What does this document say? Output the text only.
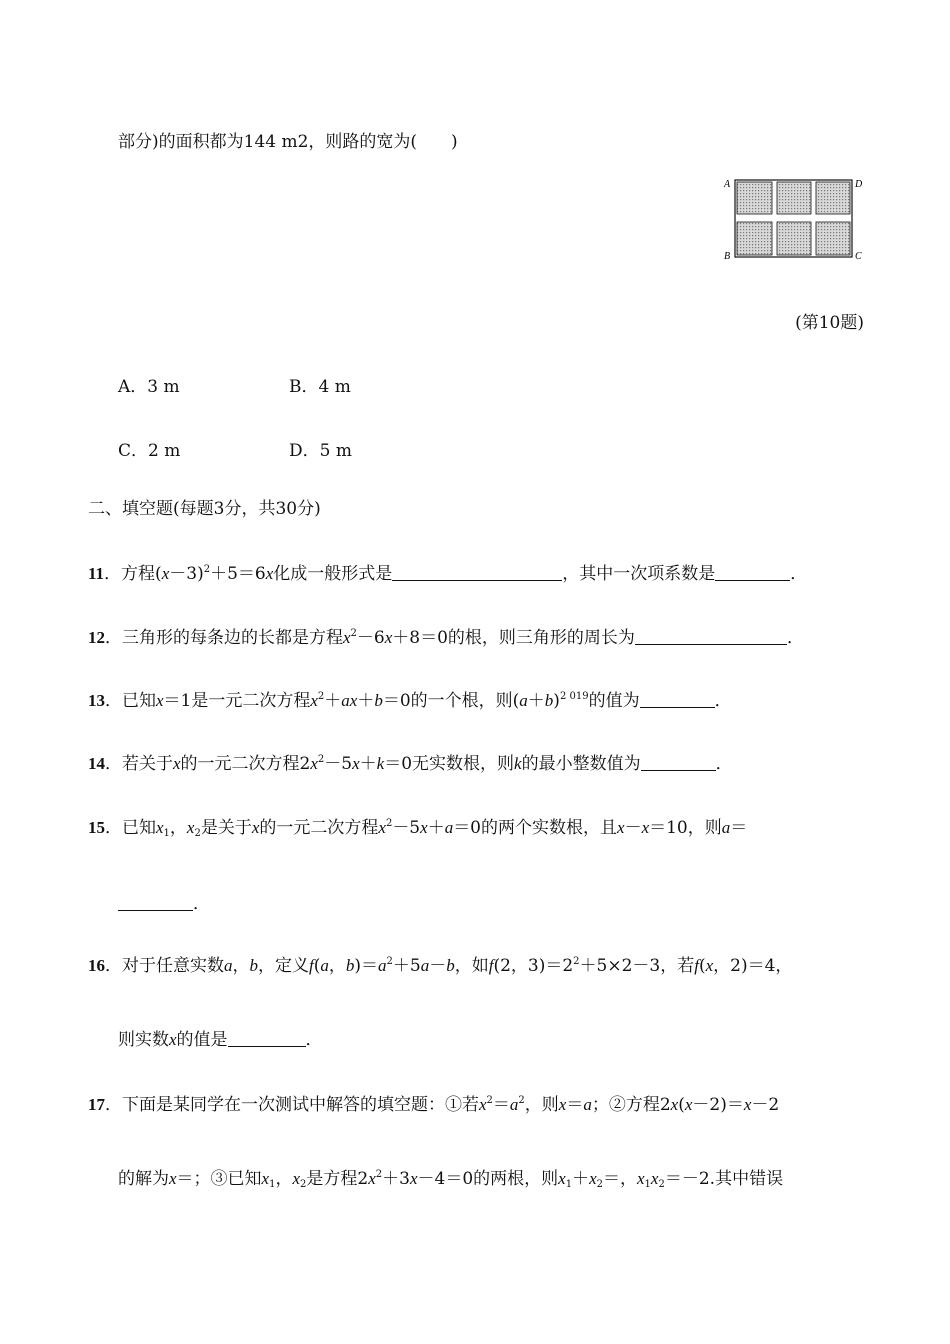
部分)的面积都为144 m2，则路的宽为(　　)
A	D
B	C
(第10题)
A．3 m	B．4 m
C．2 m	D．5 m
二、填空题(每题3分，共30分)
11．方程$(x-3)^2+5=6x$化成一般形式是	，其中一次项系数是	．
12．三角形的每条边的长都是方程$x^2-6x+8=0$的根，则三角形的周长为	．
13．已知x＝1是一元二次方程$x^2+ax+b=0$的一个根，则$(a+b)^{2 019}$的值为	．
14．若关于x的一元二次方程$2x^2-5x+k=0$无实数根，则k的最小整数值为	．
15．已知$x_1$，$x_2$是关于x的一元二次方程$x^2-5x+a=0$的两个实数根，且x－x＝10，则a＝
．
16．对于任意实数a，b，定义f(a，$b)=a^2+5a-b$，如f(2，$3)=2^2+5\times 2-3$，若f(x，2)＝4，
则实数x的值是	．
17．下面是某同学在一次测试中解答的填空题：①若$x^2=a^2$，则x＝a；②方程2x(x－2)＝x－2
的解为x＝；③已知$x_1$，$x_2$是方程$2x^2+3x-4=0$的两根，则$x_1+x_2=$，$x_1x_2=-2$.其中错误
